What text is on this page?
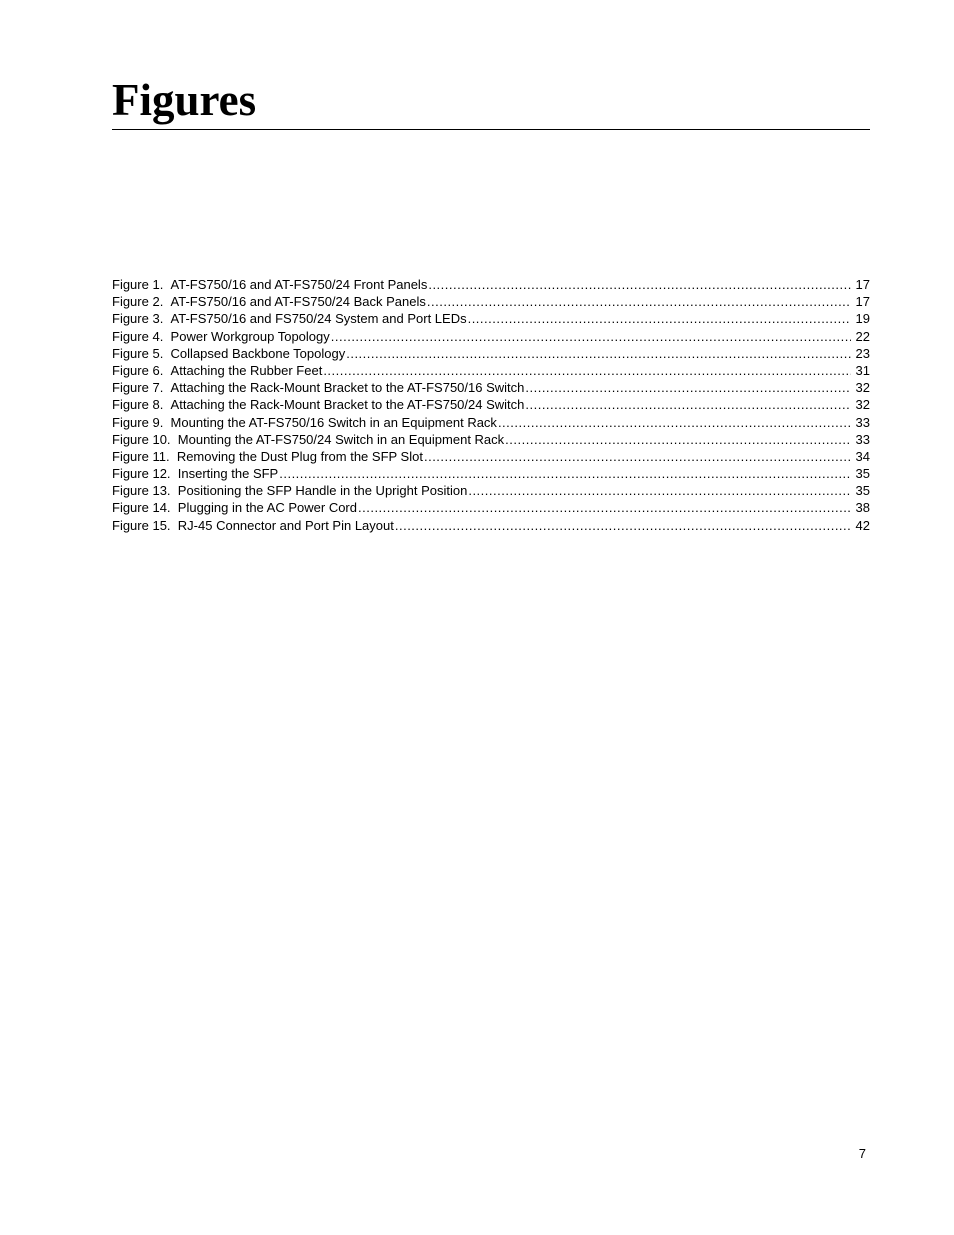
Figures
Figure 1.
AT-FS750/16 and AT-FS750/24 Front Panels .....	17
Figure 2.
AT-FS750/16 and AT-FS750/24 Back Panels .....	17
Figure 3.
AT-FS750/16 and FS750/24 System and Port LEDs .....	19
Figure 4.
Power Workgroup Topology .....	22
Figure 5.
Collapsed Backbone Topology .....	23
Figure 6.
Attaching the Rubber Feet .....	31
Figure 7.
Attaching the Rack-Mount Bracket to the AT-FS750/16 Switch .....	32
Figure 8.
Attaching the Rack-Mount Bracket to the AT-FS750/24 Switch .....	32
Figure 9.
Mounting the AT-FS750/16 Switch in an Equipment Rack .....	33
Figure 10.
Mounting the AT-FS750/24 Switch in an Equipment Rack .....	33
Figure 11.
Removing the Dust Plug from the SFP Slot .....	34
Figure 12.
Inserting the SFP .....	35
Figure 13.
Positioning the SFP Handle in the Upright Position .....	35
Figure 14.
Plugging in the AC Power Cord .....	38
Figure 15.
RJ-45 Connector and Port Pin Layout .....	42
7
